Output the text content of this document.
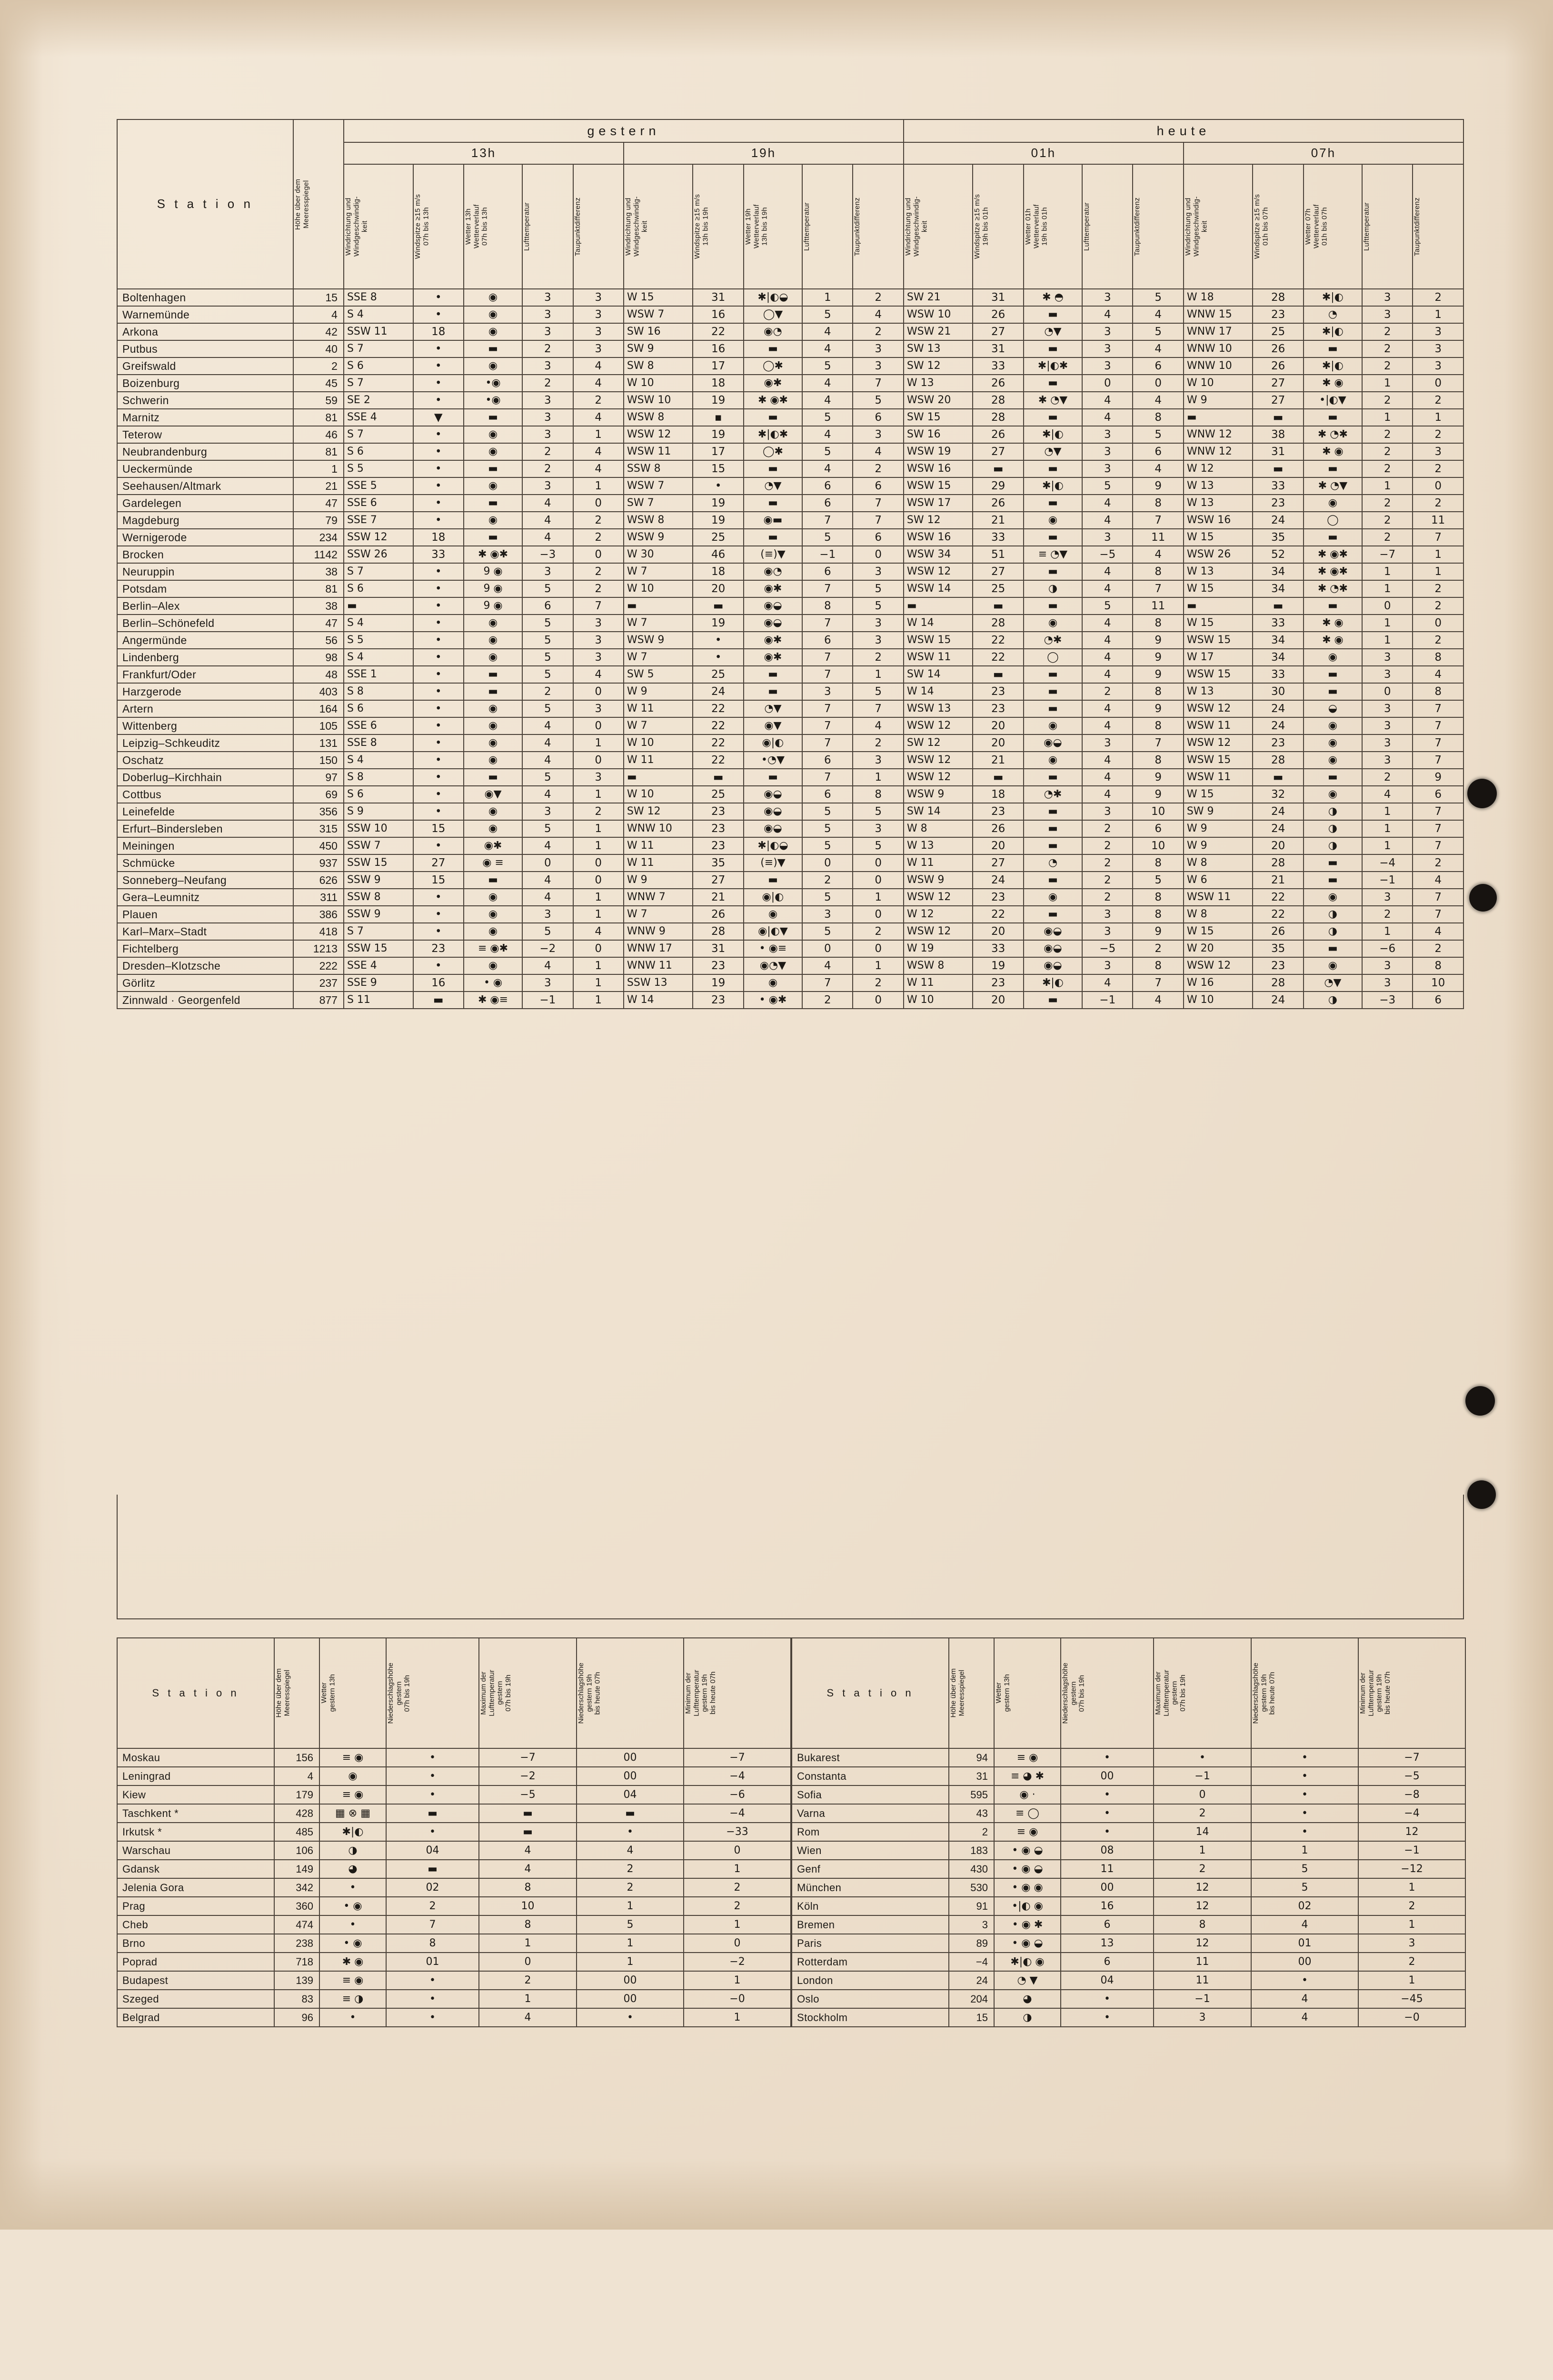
S t a t i o n	Höhe über dem
Meeresspiegel	gestern										heute									
		13h					19h					01h					07h				

		Windrichtung und
Windgeschwindig-
keit	Windspitze ≥15 m/s
07h bis 13h	Wetter 13h
Wetterverlauf
07h bis 13h	Lufttemperatur	Taupunktdifferenz	Windrichtung und
Windgeschwindig-
keit	Windspitze ≥15 m/s
13h bis 19h	Wetter 19h
Wetterverlauf
13h bis 19h	Lufttemperatur	Taupunktdifferenz	Windrichtung und
Windgeschwindig-
keit	Windspitze ≥15 m/s
19h bis 01h	Wetter 01h
Wetterverlauf
19h bis 01h	Lufttemperatur	Taupunktdifferenz	Windrichtung und
Windgeschwindig-
keit	Windspitze ≥15 m/s
01h bis 07h	Wetter 07h
Wetterverlauf
01h bis 07h	Lufttemperatur	Taupunktdifferenz

Boltenhagen	15	SSE 8	•	◉	3	3	W 15	31	✱|◐◒	1	2	SW 21	31	✱ ◓	3	5	W 18	28	✱|◐	3	2
Warnemünde	4	S 4	•	◉	3	3	WSW 7	16	◯▼	5	4	WSW 10	26	▬	4	4	WNW 15	23	◔	3	1
Arkona	42	SSW 11	18	◉	3	3	SW 16	22	◉◔	4	2	WSW 21	27	◔▼	3	5	WNW 17	25	✱|◐	2	3
Putbus	40	S 7	•	▬	2	3	SW 9	16	▬	4	3	SW 13	31	▬	3	4	WNW 10	26	▬	2	3
Greifswald	2	S 6	•	◉	3	4	SW 8	17	◯✱	5	3	SW 12	33	✱|◐✱	3	6	WNW 10	26	✱|◐	2	3
Boizenburg	45	S 7	•	•◉	2	4	W 10	18	◉✱	4	7	W 13	26	▬	0	0	W 10	27	✱ ◉	1	0
Schwerin	59	SE 2	•	•◉	3	2	WSW 10	19	✱ ◉✱	4	5	WSW 20	28	✱ ◔▼	4	4	W 9	27	•|◐▼	2	2
Marnitz	81	SSE 4	▼	▬	3	4	WSW 8	▪	▬	5	6	SW 15	28	▬	4	8	▬	▬	▬	1	1
Teterow	46	S 7	•	◉	3	1	WSW 12	19	✱|◐✱	4	3	SW 16	26	✱|◐	3	5	WNW 12	38	✱ ◔✱	2	2
Neubrandenburg	81	S 6	•	◉	2	4	WSW 11	17	◯✱	5	4	WSW 19	27	◔▼	3	6	WNW 12	31	✱ ◉	2	3
Ueckermünde	1	S 5	•	▬	2	4	SSW 8	15	▬	4	2	WSW 16	▬	▬	3	4	W 12	▬	▬	2	2
Seehausen/Altmark	21	SSE 5	•	◉	3	1	WSW 7	•	◔▼	6	6	WSW 15	29	✱|◐	5	9	W 13	33	✱ ◔▼	1	0
Gardelegen	47	SSE 6	•	▬	4	0	SW 7	19	▬	6	7	WSW 17	26	▬	4	8	W 13	23	◉	2	2
Magdeburg	79	SSE 7	•	◉	4	2	WSW 8	19	◉▬	7	7	SW 12	21	◉	4	7	WSW 16	24	◯	2	11
Wernigerode	234	SSW 12	18	▬	4	2	WSW 9	25	▬	5	6	WSW 16	33	▬	3	11	W 15	35	▬	2	7
Brocken	1142	SSW 26	33	✱ ◉✱	−3	0	W 30	46	(≡)▼	−1	0	WSW 34	51	≡ ◔▼	−5	4	WSW 26	52	✱ ◉✱	−7	1
Neuruppin	38	S 7	•	9 ◉	3	2	W 7	18	◉◔	6	3	WSW 12	27	▬	4	8	W 13	34	✱ ◉✱	1	1
Potsdam	81	S 6	•	9 ◉	5	2	W 10	20	◉✱	7	5	WSW 14	25	◑	4	7	W 15	34	✱ ◔✱	1	2
Berlin–Alex	38	▬	•	9 ◉	6	7	▬	▬	◉◒	8	5	▬	▬	▬	5	11	▬	▬	▬	0	2
Berlin–Schönefeld	47	S 4	•	◉	5	3	W 7	19	◉◒	7	3	W 14	28	◉	4	8	W 15	33	✱ ◉	1	0
Angermünde	56	S 5	•	◉	5	3	WSW 9	•	◉✱	6	3	WSW 15	22	◔✱	4	9	WSW 15	34	✱ ◉	1	2
Lindenberg	98	S 4	•	◉	5	3	W 7	•	◉✱	7	2	WSW 11	22	◯	4	9	W 17	34	◉	3	8
Frankfurt/Oder	48	SSE 1	•	▬	5	4	SW 5	25	▬	7	1	SW 14	▬	▬	4	9	WSW 15	33	▬	3	4
Harzgerode	403	S 8	•	▬	2	0	W 9	24	▬	3	5	W 14	23	▬	2	8	W 13	30	▬	0	8
Artern	164	S 6	•	◉	5	3	W 11	22	◔▼	7	7	WSW 13	23	▬	4	9	WSW 12	24	◒	3	7
Wittenberg	105	SSE 6	•	◉	4	0	W 7	22	◉▼	7	4	WSW 12	20	◉	4	8	WSW 11	24	◉	3	7
Leipzig–Schkeuditz	131	SSE 8	•	◉	4	1	W 10	22	◉|◐	7	2	SW 12	20	◉◒	3	7	WSW 12	23	◉	3	7
Oschatz	150	S 4	•	◉	4	0	W 11	22	•◔▼	6	3	WSW 12	21	◉	4	8	WSW 15	28	◉	3	7
Doberlug–Kirchhain	97	S 8	•	▬	5	3	▬	▬	▬	7	1	WSW 12	▬	▬	4	9	WSW 11	▬	▬	2	9
Cottbus	69	S 6	•	◉▼	4	1	W 10	25	◉◒	6	8	WSW 9	18	◔✱	4	9	W 15	32	◉	4	6
Leinefelde	356	S 9	•	◉	3	2	SW 12	23	◉◒	5	5	SW 14	23	▬	3	10	SW 9	24	◑	1	7
Erfurt–Bindersleben	315	SSW 10	15	◉	5	1	WNW 10	23	◉◒	5	3	W 8	26	▬	2	6	W 9	24	◑	1	7
Meiningen	450	SSW 7	•	◉✱	4	1	W 11	23	✱|◐◒	5	5	W 13	20	▬	2	10	W 9	20	◑	1	7
Schmücke	937	SSW 15	27	◉ ≡	0	0	W 11	35	(≡)▼	0	0	W 11	27	◔	2	8	W 8	28	▬	−4	2
Sonneberg–Neufang	626	SSW 9	15	▬	4	0	W 9	27	▬	2	0	WSW 9	24	▬	2	5	W 6	21	▬	−1	4
Gera–Leumnitz	311	SSW 8	•	◉	4	1	WNW 7	21	◉|◐	5	1	WSW 12	23	◉	2	8	WSW 11	22	◉	3	7
Plauen	386	SSW 9	•	◉	3	1	W 7	26	◉	3	0	W 12	22	▬	3	8	W 8	22	◑	2	7
Karl–Marx–Stadt	418	S 7	•	◉	5	4	WNW 9	28	◉|◐▼	5	2	WSW 12	20	◉◒	3	9	W 15	26	◑	1	4
Fichtelberg	1213	SSW 15	23	≡ ◉✱	−2	0	WNW 17	31	• ◉≡	0	0	W 19	33	◉◒	−5	2	W 20	35	▬	−6	2
Dresden–Klotzsche	222	SSE 4	•	◉	4	1	WNW 11	23	◉◔▼	4	1	WSW 8	19	◉◒	3	8	WSW 12	23	◉	3	8
Görlitz	237	SSE 9	16	• ◉	3	1	SSW 13	19	◉	7	2	W 11	23	✱|◐	4	7	W 16	28	◔▼	3	10
Zinnwald · Georgenfeld	877	S 11	▬	✱ ◉≡	−1	1	W 14	23	• ◉✱	2	0	W 10	20	▬	−1	4	W 10	24	◑	−3	6
S t a t i o n	Höhe über dem
Meeresspiegel	Wetter
gestern 13h	Niederschlagshöhe
gestern
07h bis 19h	Maximum der
Lufttemperatur
gestern
07h bis 19h	Niederschlagshöhe
gestern 19h
bis heute 07h	Minimum der
Lufttemperatur
gestern 19h
bis heute 07h

Moskau	156	≡ ◉	•	−7	00	−7
Leningrad	4	◉	•	−2	00	−4
Kiew	179	≡ ◉	•	−5	04	−6
Taschkent *	428	▦ ⊗ ▦	▬	▬	▬	−4
Irkutsk *	485	✱|◐	•	▬	•	−33
Warschau	106	◑	04	4	4	0
Gdansk	149	◕	▬	4	2	1
Jelenia Gora	342	•	02	8	2	2
Prag	360	• ◉	2	10	1	2
Cheb	474	•	7	8	5	1
Brno	238	• ◉	8	1	1	0
Poprad	718	✱ ◉	01	0	1	−2
Budapest	139	≡ ◉	•	2	00	1
Szeged	83	≡ ◑	•	1	00	−0
Belgrad	96	•	•	4	•	1
S t a t i o n	Höhe über dem
Meeresspiegel	Wetter
gestern 13h	Niederschlagshöhe
gestern
07h bis 19h	Maximum der
Lufttemperatur
gestern
07h bis 19h	Niederschlagshöhe
gestern 19h
bis heute 07h	Minimum der
Lufttemperatur
gestern 19h
bis heute 07h

Bukarest	94	≡ ◉	•	•	•	−7
Constanta	31	≡ ◕ ✱	00	−1	•	−5
Sofia	595	◉ ·	•	0	•	−8
Varna	43	≡ ◯	•	2	•	−4
Rom	2	≡ ◉	•	14	•	12
Wien	183	• ◉ ◒	08	1	1	−1
Genf	430	• ◉ ◒	11	2	5	−12
München	530	• ◉ ◉	00	12	5	1
Köln	91	•|◐ ◉	16	12	02	2
Bremen	3	• ◉ ✱	6	8	4	1
Paris	89	• ◉ ◒	13	12	01	3
Rotterdam	−4	✱|◐ ◉	6	11	00	2
London	24	◔ ▼	04	11	•	1
Oslo	204	◕	•	−1	4	−45
Stockholm	15	◑	•	3	4	−0
